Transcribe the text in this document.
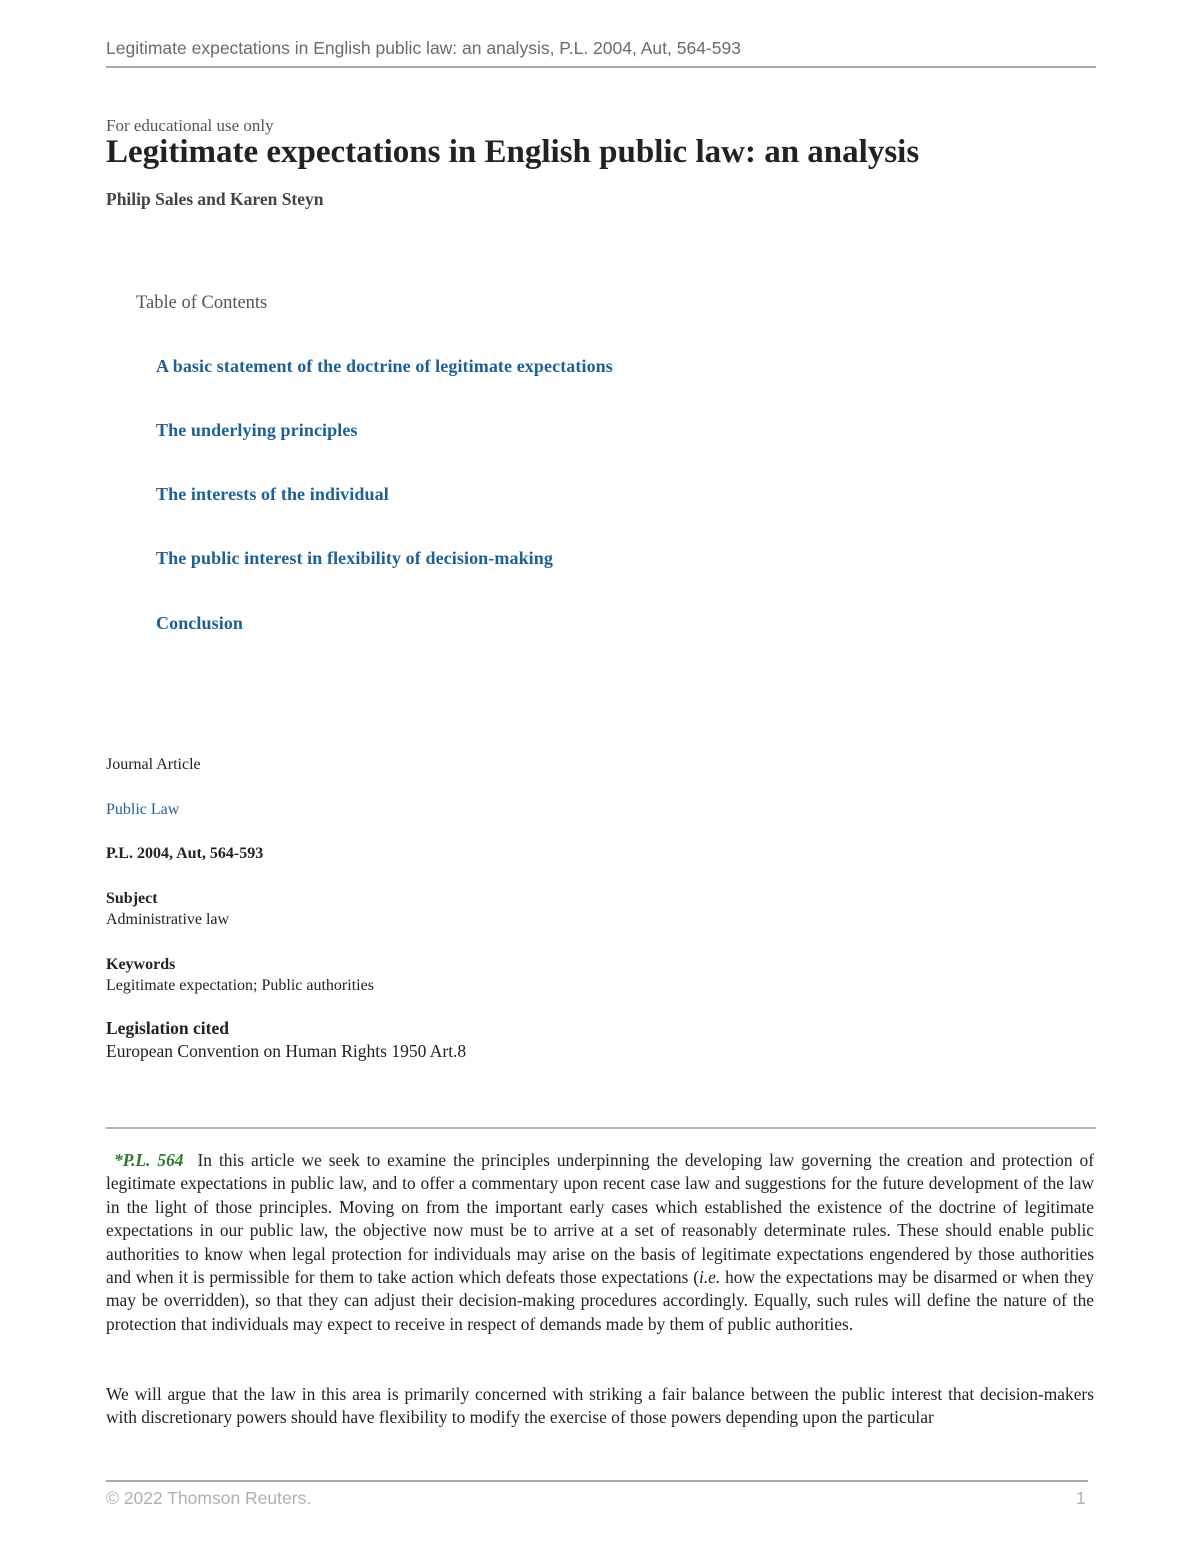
Legitimate expectations in English public law: an analysis, P.L. 2004, Aut, 564-593
For educational use only
Legitimate expectations in English public law: an analysis
Philip Sales and Karen Steyn
Table of Contents
A basic statement of the doctrine of legitimate expectations
The underlying principles
The interests of the individual
The public interest in flexibility of decision-making
Conclusion
Journal Article
Public Law
P.L. 2004, Aut, 564-593
Subject
Administrative law
Keywords
Legitimate expectation; Public authorities
Legislation cited
European Convention on Human Rights 1950 Art.8
*P.L. 564 In this article we seek to examine the principles underpinning the developing law governing the creation and protection of legitimate expectations in public law, and to offer a commentary upon recent case law and suggestions for the future development of the law in the light of those principles. Moving on from the important early cases which established the existence of the doctrine of legitimate expectations in our public law, the objective now must be to arrive at a set of reasonably determinate rules. These should enable public authorities to know when legal protection for individuals may arise on the basis of legitimate expectations engendered by those authorities and when it is permissible for them to take action which defeats those expectations (i.e. how the expectations may be disarmed or when they may be overridden), so that they can adjust their decision-making procedures accordingly. Equally, such rules will define the nature of the protection that individuals may expect to receive in respect of demands made by them of public authorities.
We will argue that the law in this area is primarily concerned with striking a fair balance between the public interest that decision-makers with discretionary powers should have flexibility to modify the exercise of those powers depending upon the particular
© 2022 Thomson Reuters.	1
